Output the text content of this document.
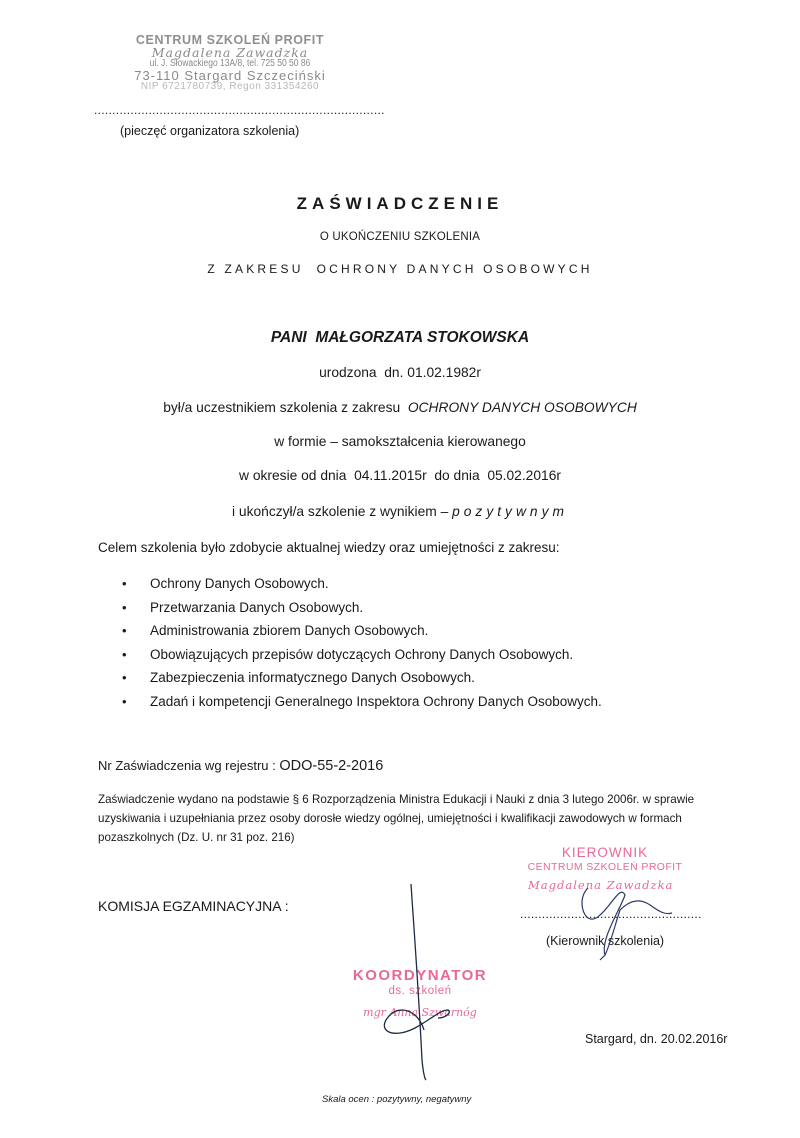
CENTRUM SZKOLEŃ PROFIT
Magdalena Zawadzka
ul. J. Słowackiego 13A/8, tel. 725 50 50 86
73-110 Stargard Szczeciński
NIP 6721780739, Regon 331354260
................................................................................
(pieczęć organizatora szkolenia)
ZAŚWIADCZENIE
O UKOŃCZENIU SZKOLENIA
Z ZAKRESU  OCHRONY DANYCH OSOBOWYCH
PANI  MAŁGORZATA STOKOWSKA
urodzona  dn. 01.02.1982r
był/a uczestnikiem szkolenia z zakresu  OCHRONY DANYCH OSOBOWYCH
w formie – samokształcenia kierowanego
w okresie od dnia  04.11.2015r  do dnia  05.02.2016r
i ukończył/a szkolenie z wynikiem – pozytywnym
Celem szkolenia było zdobycie aktualnej wiedzy oraz umiejętności z zakresu:
•	Ochrony Danych Osobowych.
•	Przetwarzania Danych Osobowych.
•	Administrowania zbiorem Danych Osobowych.
•	Obowiązujących przepisów dotyczących Ochrony Danych Osobowych.
•	Zabezpieczenia informatycznego Danych Osobowych.
•	Zadań i kompetencji Generalnego Inspektora Ochrony Danych Osobowych.
Nr Zaświadczenia wg rejestru : ODO-55-2-2016
Zaświadczenie wydano na podstawie § 6 Rozporządzenia Ministra Edukacji i Nauki z dnia 3 lutego 2006r. w sprawie uzyskiwania i uzupełniania przez osoby dorosłe wiedzy ogólnej, umiejętności i kwalifikacji zawodowych w formach pozaszkolnych (Dz. U. nr 31 poz. 216)
KIEROWNIK
CENTRUM SZKOLEŃ PROFIT
Magdalena Zawadzka
KOMISJA EGZAMINACYJNA :	..................................................
(Kierownik szkolenia)
KOORDYNATOR
ds. szkoleń
mgr Anna Szwarnóg
Stargard, dn. 20.02.2016r
Skala ocen : pozytywny, negatywny
